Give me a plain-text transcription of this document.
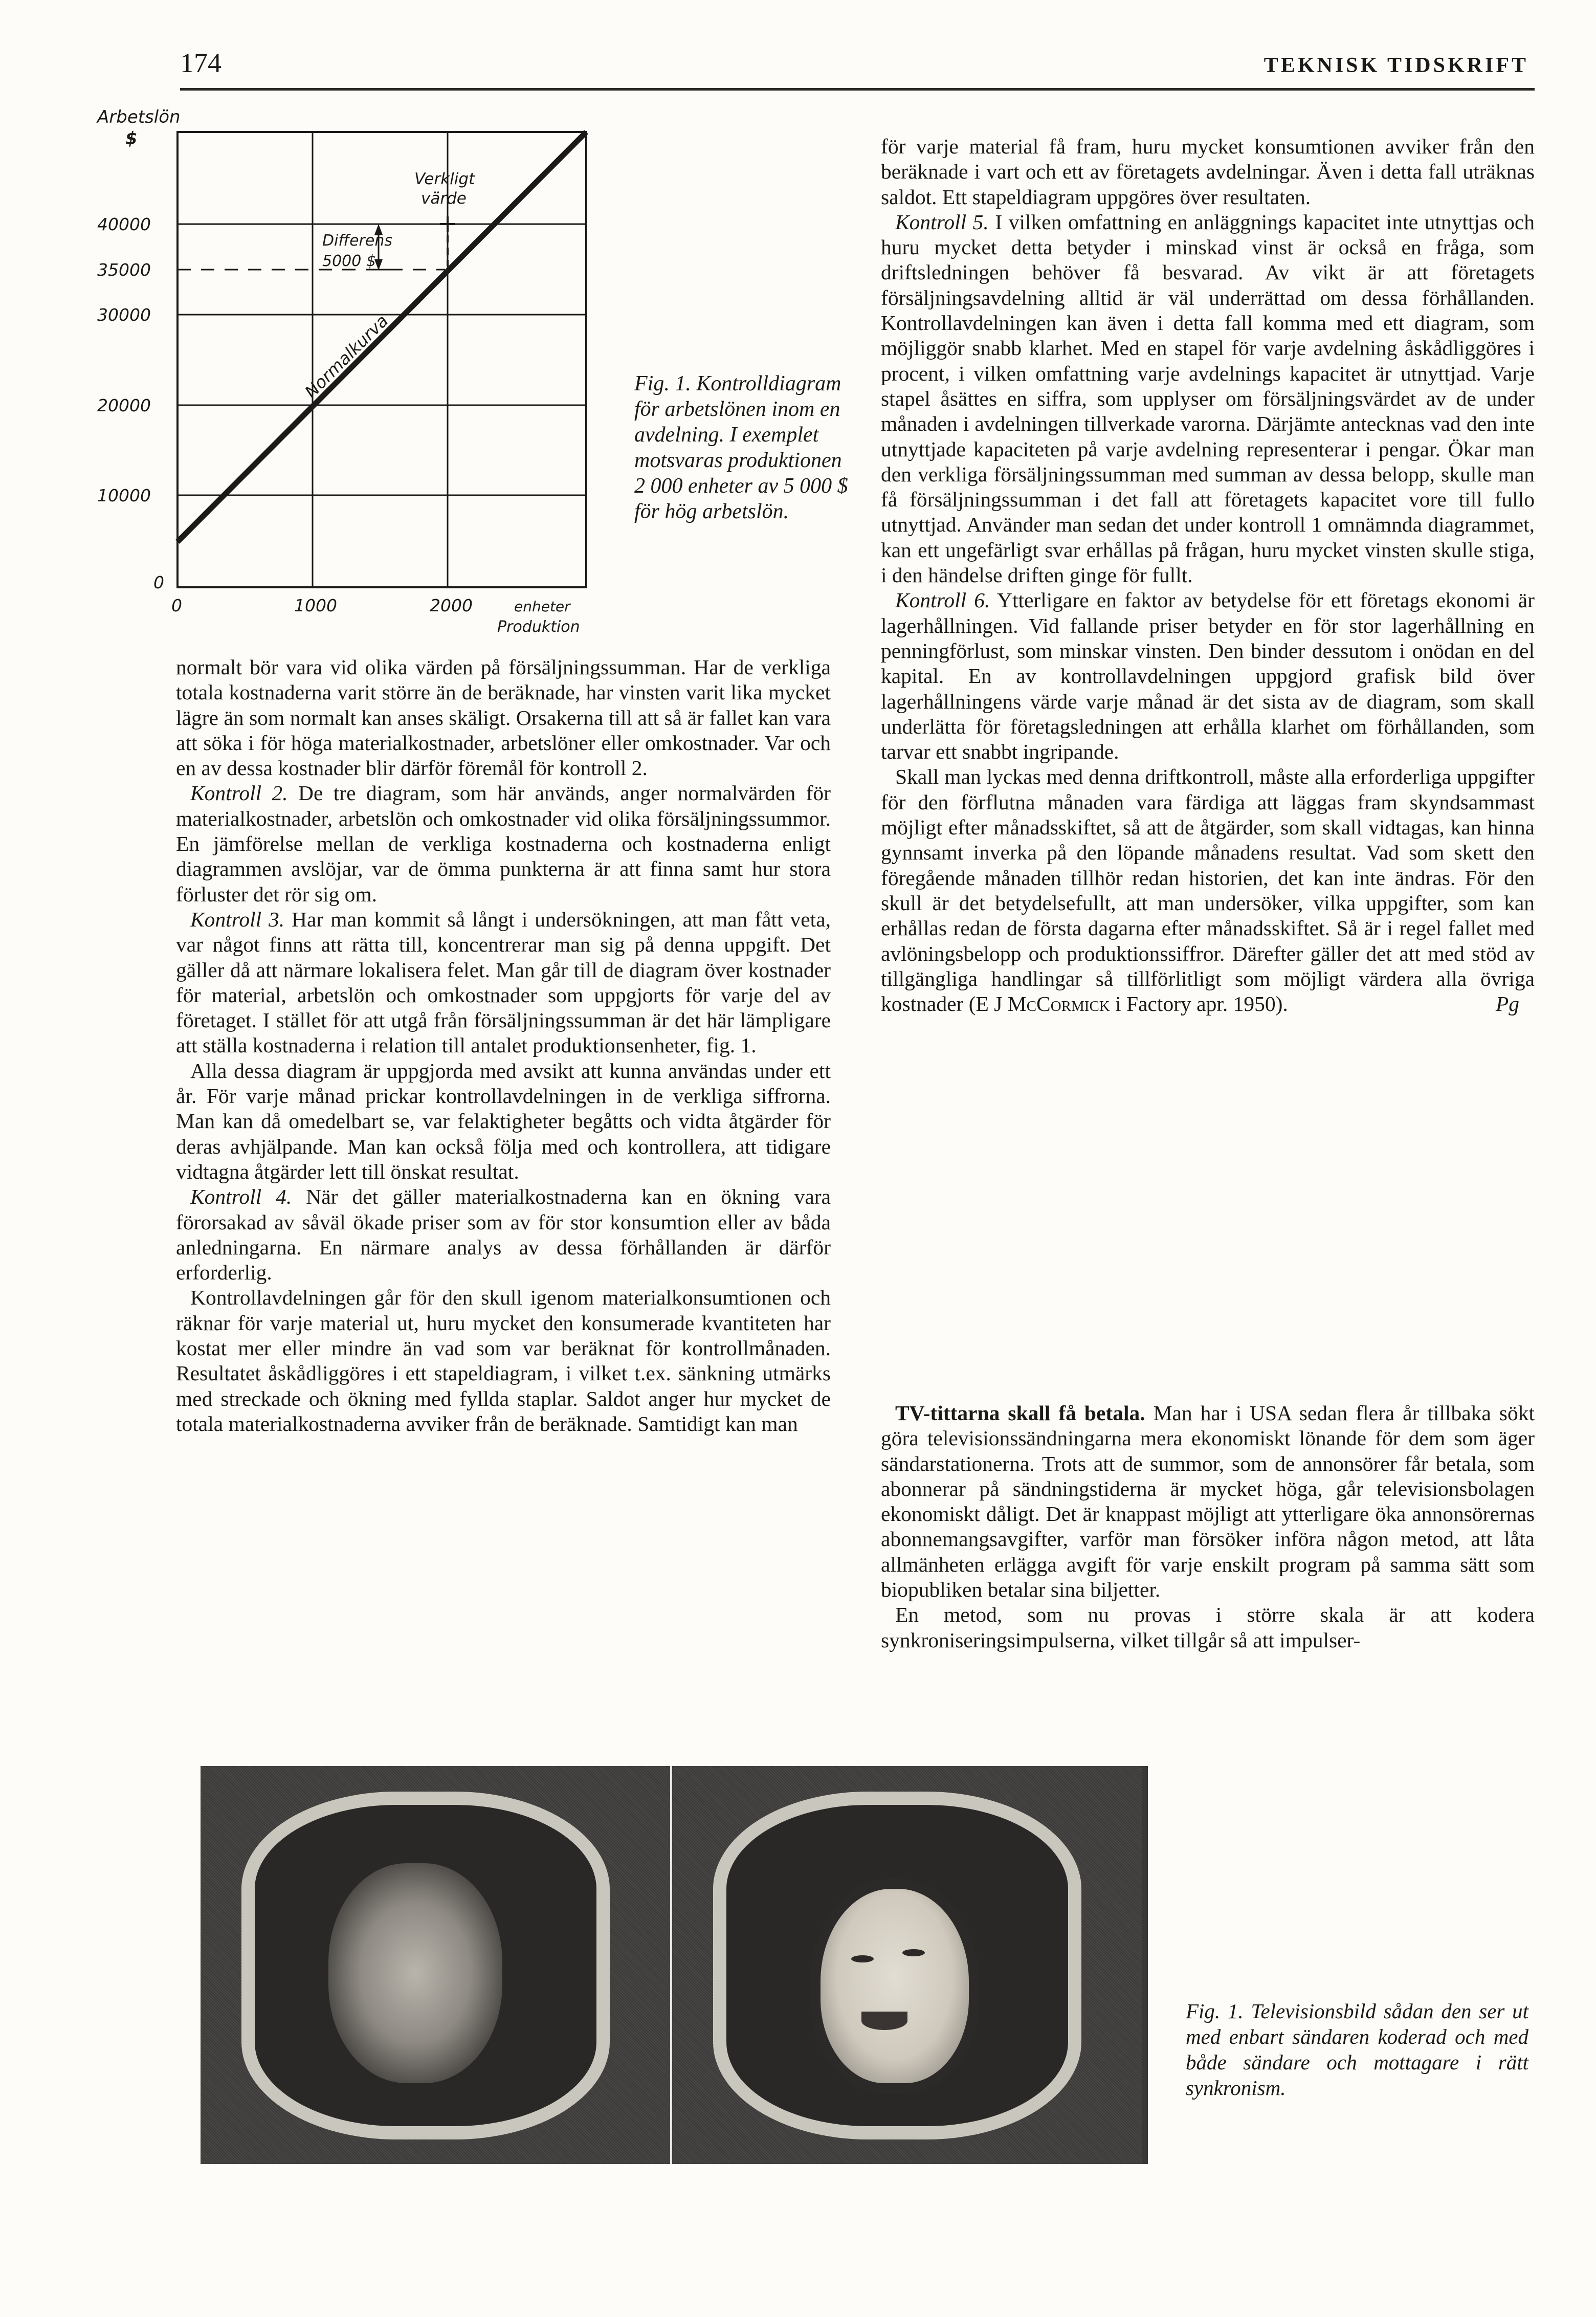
174	TEKNISK TIDSKRIFT
Arbetslön
$
40000
35000
30000
20000
10000
0
0	1000	2000	enheter
Produktion
Verkligt
värde
Differens
5000 $
Normalkurva	Fig. 1. Kontrolldiagram för arbetslönen inom en avdelning. I exemplet motsvaras produktionen 2 000 enheter av 5 000 $ för hög arbetslön.

normalt bör vara vid olika värden på försäljningssumman. Har de verkliga totala kostnaderna varit större än de beräknade, har vinsten varit lika mycket lägre än som normalt kan anses skäligt. Orsakerna till att så är fallet kan vara att söka i för höga materialkostnader, arbetslöner eller omkostnader. Var och en av dessa kostnader blir därför föremål för kontroll 2.

Kontroll 2. De tre diagram, som här används, anger normalvärden för materialkostnader, arbetslön och omkostnader vid olika försäljningssummor. En jämförelse mellan de verkliga kostnaderna och kostnaderna enligt diagrammen avslöjar, var de ömma punkterna är att finna samt hur stora förluster det rör sig om.

Kontroll 3. Har man kommit så långt i undersökningen, att man fått veta, var något finns att rätta till, koncentrerar man sig på denna uppgift. Det gäller då att närmare lokalisera felet. Man går till de diagram över kostnader för material, arbetslön och omkostnader som uppgjorts för varje del av företaget. I stället för att utgå från försäljningssumman är det här lämpligare att ställa kostnaderna i relation till antalet produktionsenheter, fig. 1.

Alla dessa diagram är uppgjorda med avsikt att kunna användas under ett år. För varje månad prickar kontrollavdelningen in de verkliga siffrorna. Man kan då omedelbart se, var felaktigheter begåtts och vidta åtgärder för deras avhjälpande. Man kan också följa med och kontrollera, att tidigare vidtagna åtgärder lett till önskat resultat.

Kontroll 4. När det gäller materialkostnaderna kan en ökning vara förorsakad av såväl ökade priser som av för stor konsumtion eller av båda anledningarna. En närmare analys av dessa förhållanden är därför erforderlig.

Kontrollavdelningen går för den skull igenom materialkonsumtionen och räknar för varje material ut, huru mycket den konsumerade kvantiteten har kostat mer eller mindre än vad som var beräknat för kontrollmånaden. Resultatet åskådliggöres i ett stapeldiagram, i vilket t.ex. sänkning utmärks med streckade och ökning med fyllda staplar. Saldot anger hur mycket de totala materialkostnaderna avviker från de beräknade. Samtidigt kan man

för varje material få fram, huru mycket konsumtionen avviker från den beräknade i vart och ett av företagets avdelningar. Även i detta fall uträknas saldot. Ett stapeldiagram uppgöres över resultaten.

Kontroll 5. I vilken omfattning en anläggnings kapacitet inte utnyttjas och huru mycket detta betyder i minskad vinst är också en fråga, som driftsledningen behöver få besvarad. Av vikt är att företagets försäljningsavdelning alltid är väl underrättad om dessa förhållanden. Kontrollavdelningen kan även i detta fall komma med ett diagram, som möjliggör snabb klarhet. Med en stapel för varje avdelning åskådliggöres i procent, i vilken omfattning varje avdelnings kapacitet är utnyttjad. Varje stapel åsättes en siffra, som upplyser om försäljningsvärdet av de under månaden i avdelningen tillverkade varorna. Därjämte antecknas vad den inte utnyttjade kapaciteten på varje avdelning representerar i pengar. Ökar man den verkliga försäljningssumman med summan av dessa belopp, skulle man få försäljningssumman i det fall att företagets kapacitet vore till fullo utnyttjad. Använder man sedan det under kontroll 1 omnämnda diagrammet, kan ett ungefärligt svar erhållas på frågan, huru mycket vinsten skulle stiga, i den händelse driften ginge för fullt.

Kontroll 6. Ytterligare en faktor av betydelse för ett företags ekonomi är lagerhållningen. Vid fallande priser betyder en för stor lagerhållning en penningförlust, som minskar vinsten. Den binder dessutom i onödan en del kapital. En av kontrollavdelningen uppgjord grafisk bild över lagerhållningens värde varje månad är det sista av de diagram, som skall underlätta för företagsledningen att erhålla klarhet om förhållanden, som tarvar ett snabbt ingripande.

Skall man lyckas med denna driftkontroll, måste alla erforderliga uppgifter för den förflutna månaden vara färdiga att läggas fram skyndsammast möjligt efter månadsskiftet, så att de åtgärder, som skall vidtagas, kan hinna gynnsamt inverka på den löpande månadens resultat. Vad som skett den föregående månaden tillhör redan historien, det kan inte ändras. För den skull är det betydelsefullt, att man undersöker, vilka uppgifter, som kan erhållas redan de första dagarna efter månadsskiftet. Så är i regel fallet med avlöningsbelopp och produktionssiffror. Därefter gäller det att med stöd av tillgängliga handlingar så tillförlitligt som möjligt värdera alla övriga kostnader (E J McCormick i Factory apr. 1950).	Pg

TV-tittarna skall få betala. Man har i USA sedan flera år tillbaka sökt göra televisionssändningarna mera ekonomiskt lönande för dem som äger sändarstationerna. Trots att de summor, som de annonsörer får betala, som abonnerar på sändningstiderna är mycket höga, går televisionsbolagen ekonomiskt dåligt. Det är knappast möjligt att ytterligare öka annonsörernas abonnemangsavgifter, varför man försöker införa någon metod, att låta allmänheten erlägga avgift för varje enskilt program på samma sätt som biopubliken betalar sina biljetter.

En metod, som nu provas i större skala är att kodera synkroniseringsimpulserna, vilket tillgår så att impulser-

Fig. 1. Televisionsbild sådan den ser ut med enbart sändaren koderad och med både sändare och mottagare i rätt synkronism.
